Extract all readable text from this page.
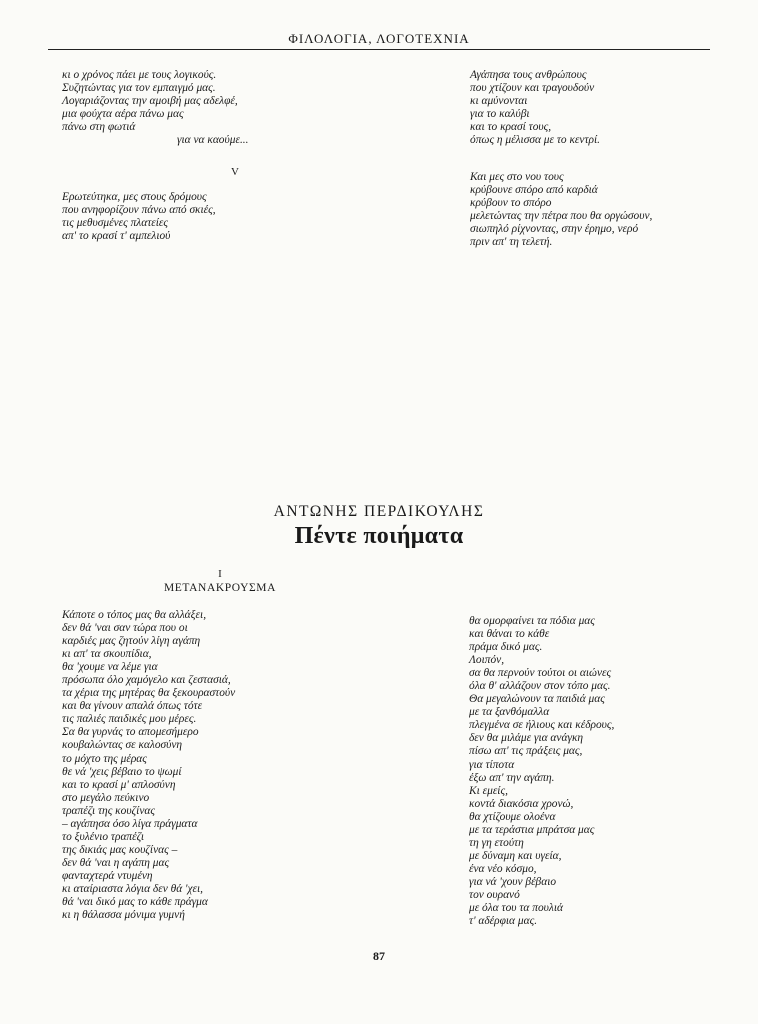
ΦΙΛΟΛΟΓΙΑ, ΛΟΓΟΤΕΧΝΙΑ
κι ο χρόνος πάει με τους λογικούς.
Συζητώντας για τον εμπαιγμό μας.
Λογαριάζοντας την αμοιβή μας αδελφέ,
μια φούχτα αέρα πάνω μας
πάνω στη φωτιά
για να καούμε...
V
Ερωτεύτηκα, μες στους δρόμους
που ανηφορίζουν πάνω από σκιές,
τις μεθυσμένες πλατείες
απ' το κρασί τ' αμπελιού
Αγάπησα τους ανθρώπους
που χτίζουν και τραγουδούν
κι αμύνονται
για το καλύβι
και το κρασί τους,
όπως η μέλισσα με το κεντρί.
Και μες στο νου τους
κρύβουνε σπόρο από καρδιά
κρύβουν το σπόρο
μελετώντας την πέτρα που θα οργώσουν,
σιωπηλό ρίχνοντας, στην έρημο, νερό
πριν απ' τη τελετή.
ΑΝΤΩΝΗΣ ΠΕΡΔΙΚΟΥΛΗΣ
Πέντε ποιήματα
I
ΜΕΤΑΝΑΚΡΟΥΣΜΑ
Κάποτε ο τόπος μας θα αλλάξει,
δεν θά 'ναι σαν τώρα που οι
καρδιές μας ζητούν λίγη αγάπη
κι απ' τα σκουπίδια,
θα 'χουμε να λέμε για
πρόσωπα όλο χαμόγελο και ζεστασιά,
τα χέρια της μητέρας θα ξεκουραστούν
και θα γίνουν απαλά όπως τότε
τις παλιές παιδικές μου μέρες.
Σα θα γυρνάς το απομεσήμερο
κουβαλώντας σε καλοσύνη
το μόχτο της μέρας
θε νά 'χεις βέβαιο το ψωμί
και το κρασί μ' απλοσύνη
στο μεγάλο πεύκινο
τραπέζι της κουζίνας
– αγάπησα όσο λίγα πράγματα
το ξυλένιο τραπέζι
της δικιάς μας κουζίνας –
δεν θά 'ναι η αγάπη μας
φανταχτερά ντυμένη
κι αταίριαστα λόγια δεν θά 'χει,
θά 'ναι δικό μας το κάθε πράγμα
κι η θάλασσα μόνιμα γυμνή
θα ομορφαίνει τα πόδια μας
και θάναι το κάθε
πράμα δικό μας.
Λοιπόν,
σα θα περνούν τούτοι οι αιώνες
όλα θ' αλλάζουν στον τόπο μας.
Θα μεγαλώνουν τα παιδιά μας
με τα ξανθόμαλλα
πλεγμένα σε ήλιους και κέδρους,
δεν θα μιλάμε για ανάγκη
πίσω απ' τις πράξεις μας,
για τίποτα
έξω απ' την αγάπη.
Κι εμείς,
κοντά διακόσια χρονώ,
θα χτίζουμε ολοένα
με τα τεράστια μπράτσα μας
τη γη ετούτη
με δύναμη και υγεία,
ένα νέο κόσμο,
για νά 'χουν βέβαιο
τον ουρανό
με όλα του τα πουλιά
τ' αδέρφια μας.
87
